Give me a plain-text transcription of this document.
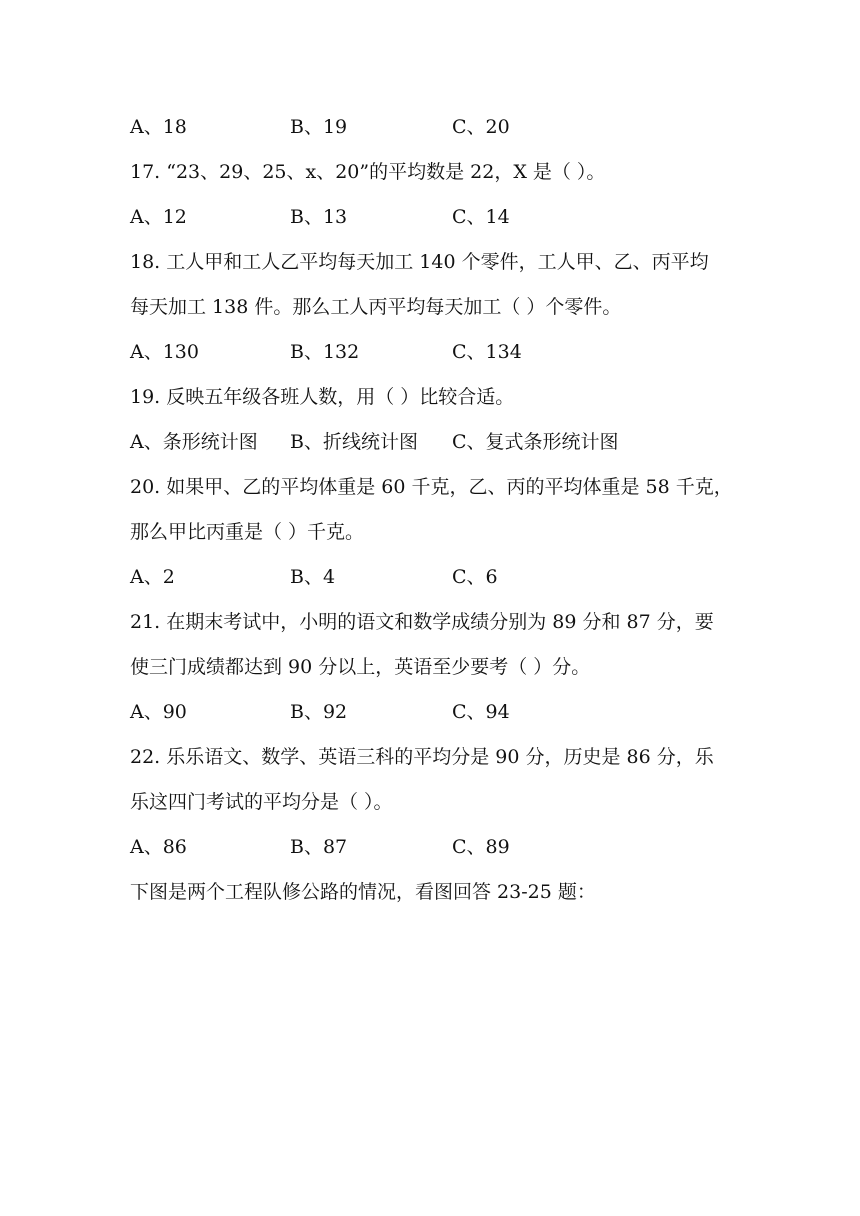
A、18	B、19	C、20
17. “23、29、25、x、20”的平均数是 22，X 是（ ）。
A、12	B、13	C、14
18. 工人甲和工人乙平均每天加工 140 个零件，工人甲、乙、丙平均
每天加工 138 件。那么工人丙平均每天加工（ ）个零件。
A、130	B、132	C、134
19. 反映五年级各班人数，用（ ）比较合适。
A、条形统计图 B、折线统计图 C、复式条形统计图
20. 如果甲、乙的平均体重是 60 千克，乙、丙的平均体重是 58 千克，
那么甲比丙重是（ ）千克。
A、2	B、4	C、6
21. 在期末考试中，小明的语文和数学成绩分别为 89 分和 87 分，要
使三门成绩都达到 90 分以上，英语至少要考（ ）分。
A、90	B、92	C、94
22. 乐乐语文、数学、英语三科的平均分是 90 分，历史是 86 分，乐
乐这四门考试的平均分是（ ）。
A、86	B、87	C、89
下图是两个工程队修公路的情况，看图回答 23-25 题：
